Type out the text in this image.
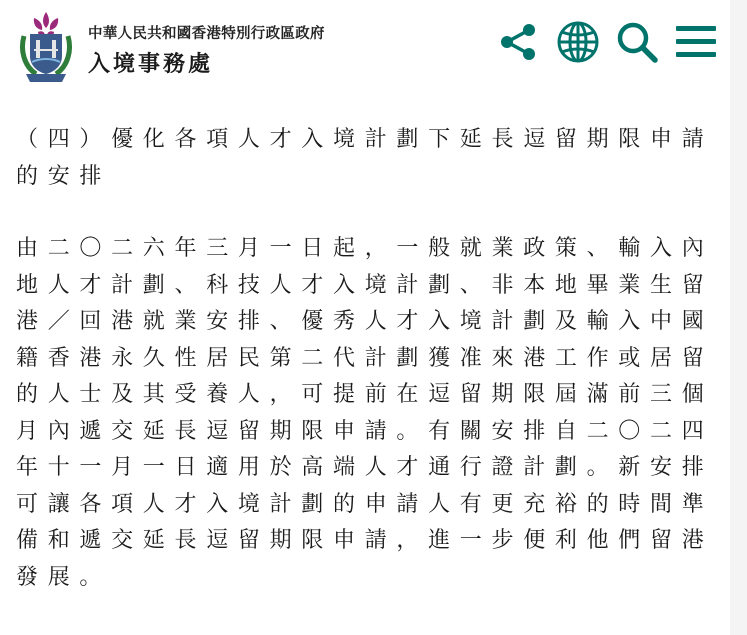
中華人民共和國香港特別行政區政府
入境事務處
（四）優化各項人才入境計劃下延長逗留期限申請的安排

由二〇二六年三月一日起，一般就業政策、輸入內地人才計劃、科技人才入境計劃、非本地畢業生留港／回港就業安排、優秀人才入境計劃及輸入中國籍香港永久性居民第二代計劃獲准來港工作或居留的人士及其受養人，可提前在逗留期限屆滿前三個月內遞交延長逗留期限申請。有關安排自二〇二四年十一月一日適用於高端人才通行證計劃。新安排可讓各項人才入境計劃的申請人有更充裕的時間準備和遞交延長逗留期限申請，進一步便利他們留港發展。
